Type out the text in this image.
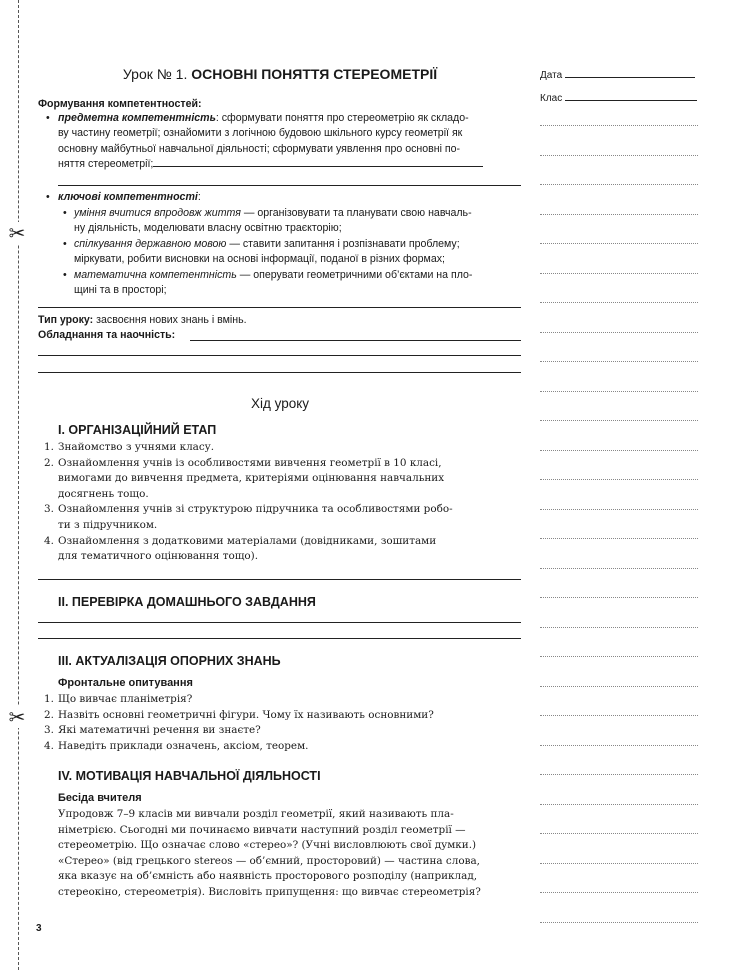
✂
✂
Дата
Клас
Урок № 1. ОСНОВНІ ПОНЯТТЯ СТЕРЕОМЕТРІЇ
Формування компетентностей:
• предметна компетентність: сформувати поняття про стереометрію як складо-
ву частину геометрії; ознайомити з логічною будовою шкільного курсу геометрії як
основну майбутньої навчальної діяльності; сформувати уявлення про основні по-
няття стереометрії;
• ключові компетентності:
• уміння вчитися впродовж життя — організовувати та планувати свою навчаль-
ну діяльність, моделювати власну освітню траєкторію;
• спілкування державною мовою — ставити запитання і розпізнавати проблему;
міркувати, робити висновки на основі інформації, поданої в різних формах;
• математична компетентність — оперувати геометричними об’єктами на пло-
щині та в просторі;
Тип уроку: засвоєння нових знань і вмінь.
Обладнання та наочність:
Хід уроку
І. ОРГАНІЗАЦІЙНИЙ ЕТАП
1. Знайомство з учнями класу.
2. Ознайомлення учнів із особливостями вивчення геометрії в 10 класі,
вимогами до вивчення предмета, критеріями оцінювання навчальних
досягнень тощо.
3. Ознайомлення учнів зі структурою підручника та особливостями робо-
ти з підручником.
4. Ознайомлення з додатковими матеріалами (довідниками, зошитами
для тематичного оцінювання тощо).
ІІ. ПЕРЕВІРКА ДОМАШНЬОГО ЗАВДАННЯ
ІІІ. АКТУАЛІЗАЦІЯ ОПОРНИХ ЗНАНЬ
Фронтальне опитування
1. Що вивчає планіметрія?
2. Назвіть основні геометричні фігури. Чому їх називають основними?
3. Які математичні речення ви знаєте?
4. Наведіть приклади означень, аксіом, теорем.
IV. МОТИВАЦІЯ НАВЧАЛЬНОЇ ДІЯЛЬНОСТІ
Бесіда вчителя
Упродовж 7–9 класів ми вивчали розділ геометрії, який називають пла-
німетрією. Сьогодні ми починаємо вивчати наступний розділ геометрії —
стереометрію. Що означає слово «стерео»? (Учні висловлюють свої думки.)
«Стерео» (від грецького stereos — об’ємний, просторовий) — частина слова,
яка вказує на об’ємність або наявність просторового розподілу (наприклад,
стереокіно, стереометрія). Висловіть припущення: що вивчає стереометрія?
3
